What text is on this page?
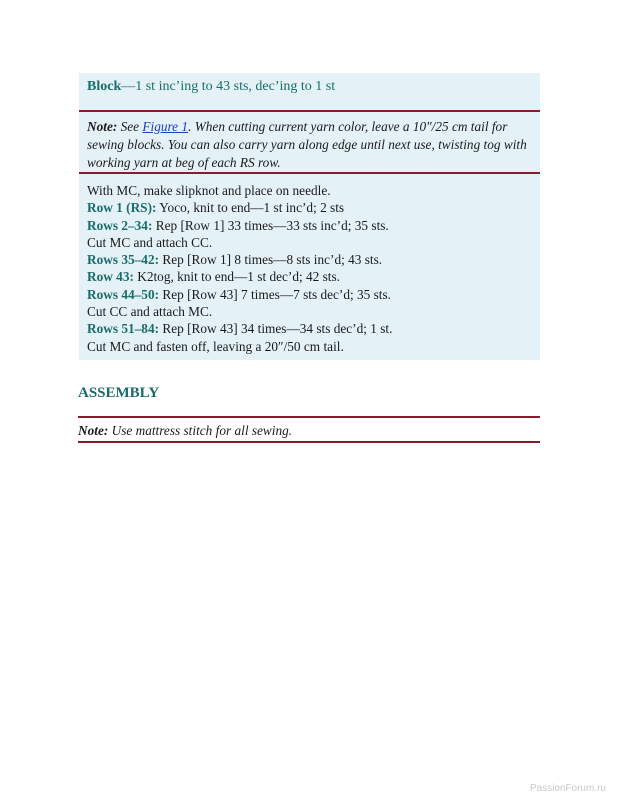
Block—1 st inc’ing to 43 sts, dec’ing to 1 st
Note: See Figure 1. When cutting current yarn color, leave a 10″/25 cm tail for sewing blocks. You can also carry yarn along edge until next use, twisting tog with working yarn at beg of each RS row.
With MC, make slipknot and place on needle.
Row 1 (RS): Yoco, knit to end—1 st inc’d; 2 sts
Rows 2–34: Rep [Row 1] 33 times—33 sts inc’d; 35 sts.
Cut MC and attach CC.
Rows 35–42: Rep [Row 1] 8 times—8 sts inc’d; 43 sts.
Row 43: K2tog, knit to end—1 st dec’d; 42 sts.
Rows 44–50: Rep [Row 43] 7 times—7 sts dec’d; 35 sts.
Cut CC and attach MC.
Rows 51–84: Rep [Row 43] 34 times—34 sts dec’d; 1 st.
Cut MC and fasten off, leaving a 20″/50 cm tail.
ASSEMBLY
Note: Use mattress stitch for all sewing.
PassionForum.ru
